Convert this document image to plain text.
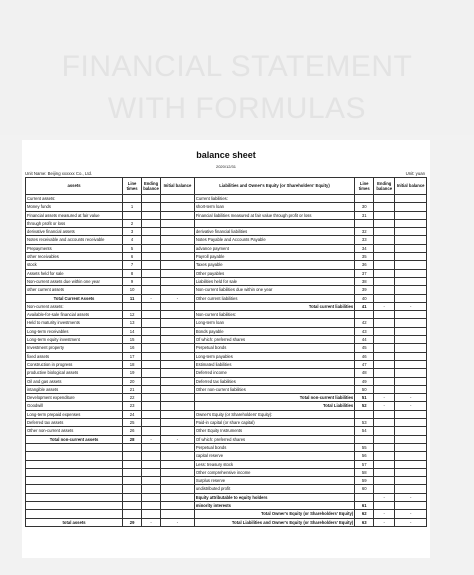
FINANCIAL STATEMENT
WITH FORMULAS
balance sheet
2020/12/31
Unit Name: Beijing xxxxxx Co., Ltd.	Unit: yuan
assets	Line times	Ending balance	Initial balance	Liabilities and Owner's Equity (or Shareholders' Equity)	Line times	Ending balance	Initial balance
Current assets:				Current liabilities:			
Money funds	1			short-term loan	30		
Financial assets measured at fair value				Financial liabilities measured at fair value through profit or loss	31		
through profit or loss	2						
derivative financial assets	3			derivative financial liabilities	32		
Notes receivable and accounts receivable	4			Notes Payable and Accounts Payable	33		
Prepayments	5			advance payment	34		
other receivables	6			Payroll payable	35		
stock	7			Taxes payable	36		
Assets held for sale	8			Other payables	37		
Non-current assets due within one year	9			Liabilities held for sale	38		
other current assets	10			Non-current liabilities due within one year	39		
Total Current Assets	11	-	-	Other current liabilities	40		
Non-current assets:				Total current liabilities	41	-	-
Available-for-sale financial assets	12			Non-current liabilities:			
Held to maturity investments	13			Long-term loan	42		
Long-term receivables	14			Bonds payable	43		
Long-term equity investment	15			Of which: preferred shares	44		
Investment property	16			Perpetual bonds	45		
fixed assets	17			Long-term payables	46		
Construction in progress	18			Estimated liabilities	47		
productive biological assets	19			Deferred income	48		
Oil and gas assets	20			Deferred tax liabilities	49		
intangible assets	21			Other non-current liabilities	50		
Development expenditure	22			Total non-current liabilities	51	-	-
Goodwill	23			Total Liabilities	52	-	-
Long-term prepaid expenses	24			Owner's Equity (or Shareholders' Equity):			
Deferred tax assets	25			Paid-in capital (or share capital)	53		
Other non-current assets	26			Other Equity Instruments	54		
Total non-current assets	28	-	-	Of which: preferred shares			
				Perpetual bonds	55		
				capital reserve	56		
				Less: treasury stock	57		
				Other comprehensive income	58		
				Surplus reserve	59		
				undistributed profit	60		
				Equity attributable to equity holders		-	-
				minority interests	61		
				Total Owner's Equity (or Shareholders' Equity)	62	-	-
total assets	29	-	-	Total Liabilities and Owner's Equity (or Shareholders' Equity)	63	-	-
